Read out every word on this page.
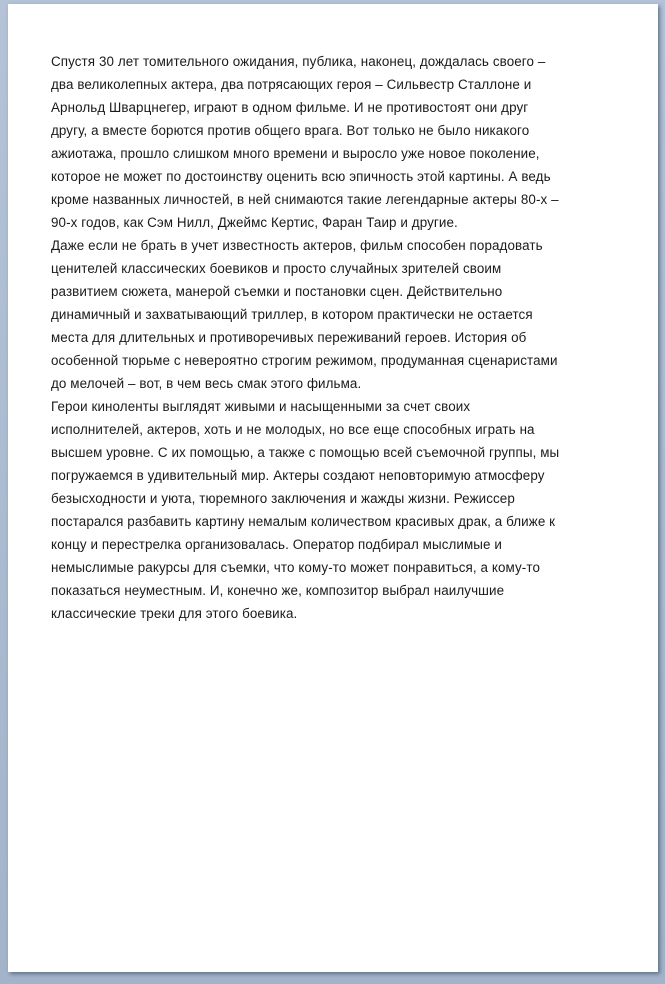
Спустя 30 лет томительного ожидания, публика, наконец, дождалась своего –
два великолепных актера, два потрясающих героя – Сильвестр Сталлоне и
Арнольд Шварцнегер, играют в одном фильме. И не противостоят они друг
другу, а вместе борются против общего врага. Вот только не было никакого
ажиотажа, прошло слишком много времени и выросло уже новое поколение,
которое не может по достоинству оценить всю эпичность этой картины. А ведь
кроме названных личностей, в ней снимаются такие легендарные актеры 80-х –
90-х годов, как Сэм Нилл, Джеймс Кертис, Фаран Таир и другие.

Даже если не брать в учет известность актеров, фильм способен порадовать
ценителей классических боевиков и просто случайных зрителей своим
развитием сюжета, манерой съемки и постановки сцен. Действительно
динамичный и захватывающий триллер, в котором практически не остается
места для длительных и противоречивых переживаний героев. История об
особенной тюрьме с невероятно строгим режимом, продуманная сценаристами
до мелочей – вот, в чем весь смак этого фильма.

Герои киноленты выглядят живыми и насыщенными за счет своих
исполнителей, актеров, хоть и не молодых, но все еще способных играть на
высшем уровне. С их помощью, а также с помощью всей съемочной группы, мы
погружаемся в удивительный мир. Актеры создают неповторимую атмосферу
безысходности и уюта, тюремного заключения и жажды жизни. Режиссер
постарался разбавить картину немалым количеством красивых драк, а ближе к
концу и перестрелка организовалась. Оператор подбирал мыслимые и
немыслимые ракурсы для съемки, что кому-то может понравиться, а кому-то
показаться неуместным. И, конечно же, композитор выбрал наилучшие
классические треки для этого боевика.
